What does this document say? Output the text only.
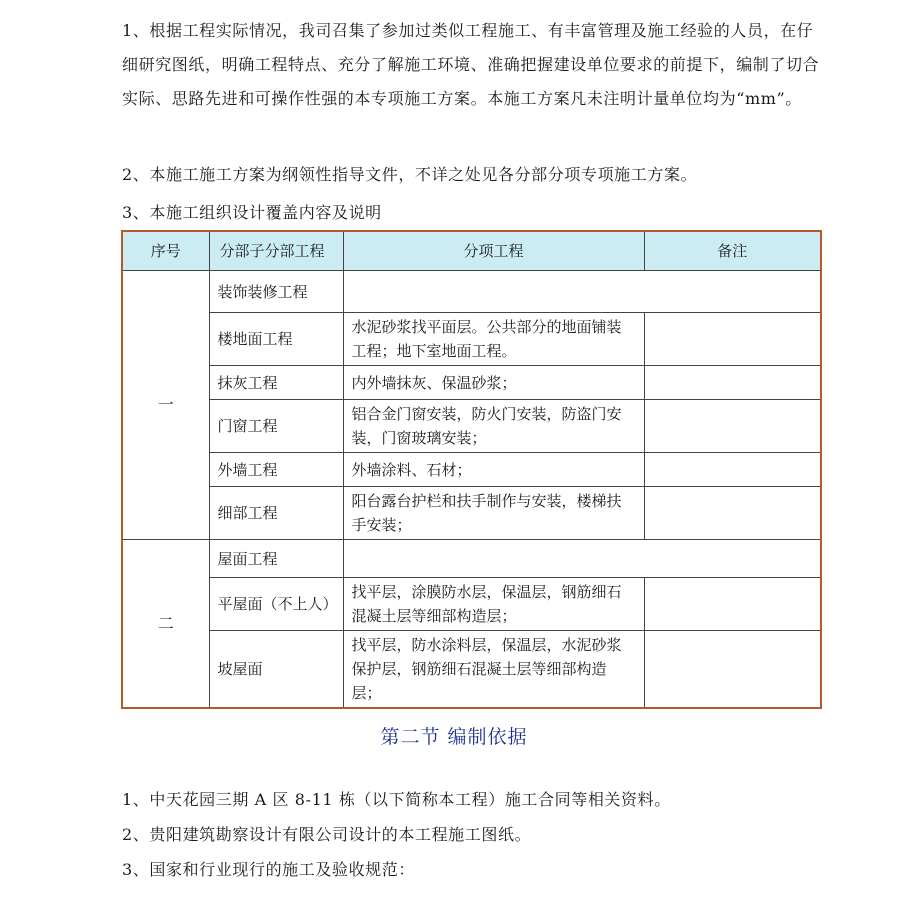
1、根据工程实际情况，我司召集了参加过类似工程施工、有丰富管理及施工经验的人员，在仔细研究图纸，明确工程特点、充分了解施工环境、准确把握建设单位要求的前提下，编制了切合实际、思路先进和可操作性强的本专项施工方案。本施工方案凡未注明计量单位均为“mm”。

2、本施工施工方案为纲领性指导文件，不详之处见各分部分项专项施工方案。

3、本施工组织设计覆盖内容及说明

序号	分部子分部工程	分项工程	备注
一	装饰装修工程		
	楼地面工程	水泥砂浆找平面层。公共部分的地面铺装工程；地下室地面工程。	
	抹灰工程	内外墙抹灰、保温砂浆；	
	门窗工程	铝合金门窗安装，防火门安装，防盗门安装，门窗玻璃安装；	
	外墙工程	外墙涂料、石材；	
	细部工程	阳台露台护栏和扶手制作与安装，楼梯扶手安装；	
二	屋面工程		
	平屋面（不上人）	找平层，涂膜防水层，保温层，钢筋细石混凝土层等细部构造层；	
	坡屋面	找平层，防水涂料层，保温层，水泥砂浆保护层，钢筋细石混凝土层等细部构造层；	
第二节 编制依据

1、中天花园三期 A 区 8-11 栋（以下简称本工程）施工合同等相关资料。

2、贵阳建筑勘察设计有限公司设计的本工程施工图纸。

3、国家和行业现行的施工及验收规范：
